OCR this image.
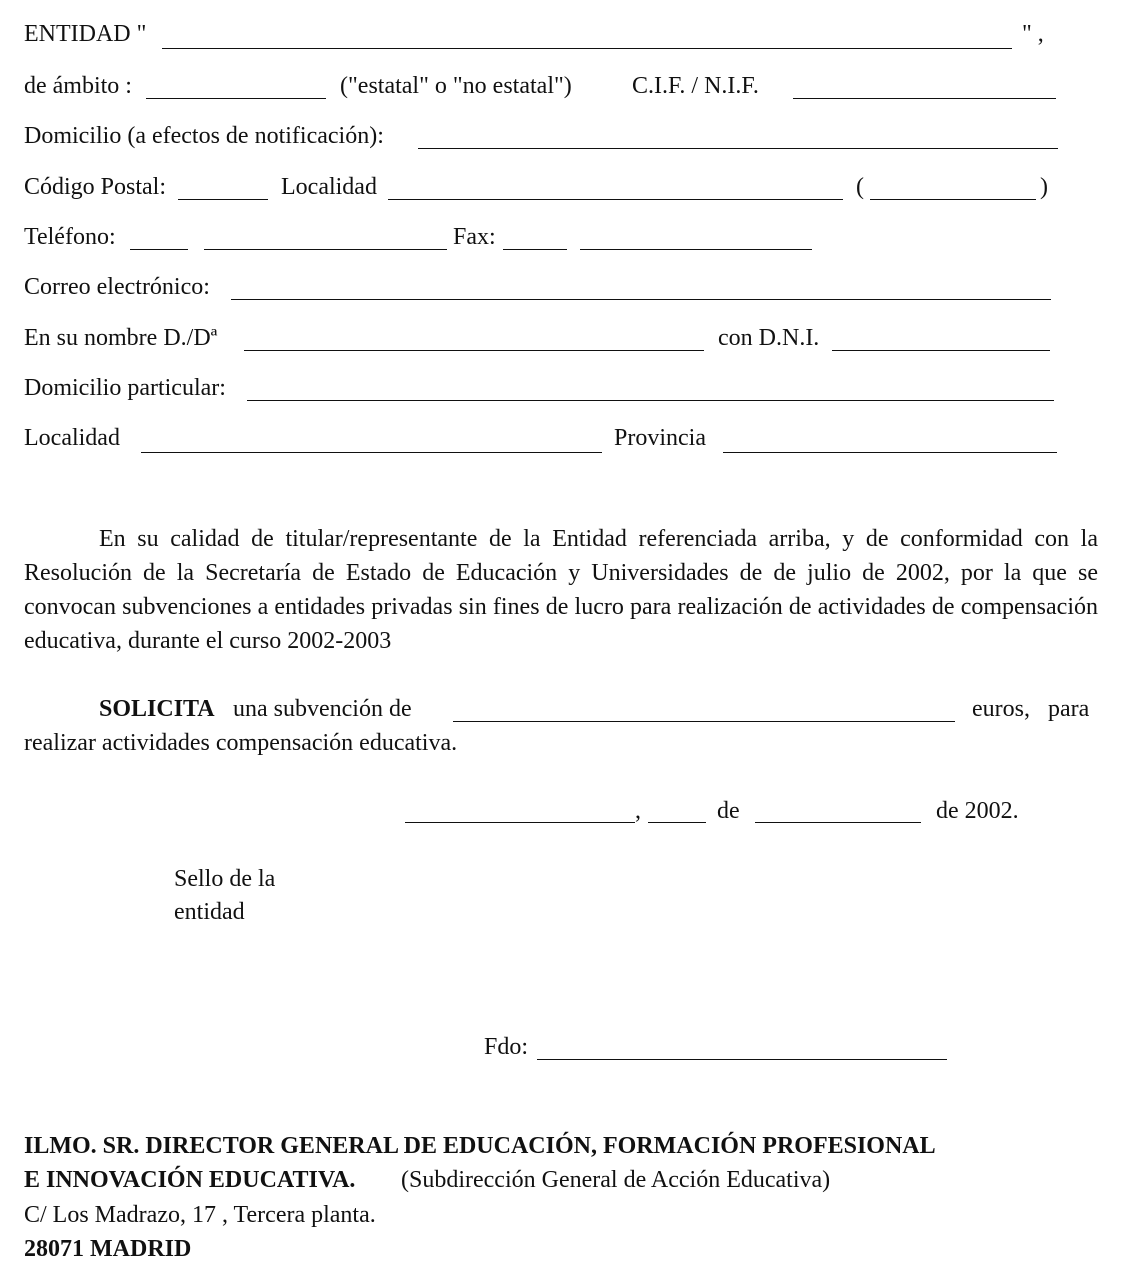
ENTIDAD "	" ,
de ámbito :	("estatal" o "no estatal")	C.I.F. / N.I.F.
Domicilio (a efectos de notificación):
Código Postal:	Localidad	(	)
Teléfono:	Fax:
Correo electrónico:
En su nombre D./Dª	con D.N.I.
Domicilio particular:
Localidad	Provincia
En su calidad de titular/representante de la Entidad referenciada arriba, y de conformidad con la Resolución de la Secretaría de Estado de Educación y Universidades de de julio de 2002, por la que se convocan subvenciones a entidades privadas sin fines de lucro para realización de actividades de compensación educativa, durante el curso 2002-2003
SOLICITA una subvención de	euros,   para
realizar actividades compensación educativa.
,	de	de 2002.
Sello de la
entidad
Fdo:
ILMO. SR. DIRECTOR GENERAL DE EDUCACIÓN, FORMACIÓN PROFESIONAL
E INNOVACIÓN EDUCATIVA. (Subdirección General de Acción Educativa)
C/ Los Madrazo, 17 , Tercera planta.
28071 MADRID
